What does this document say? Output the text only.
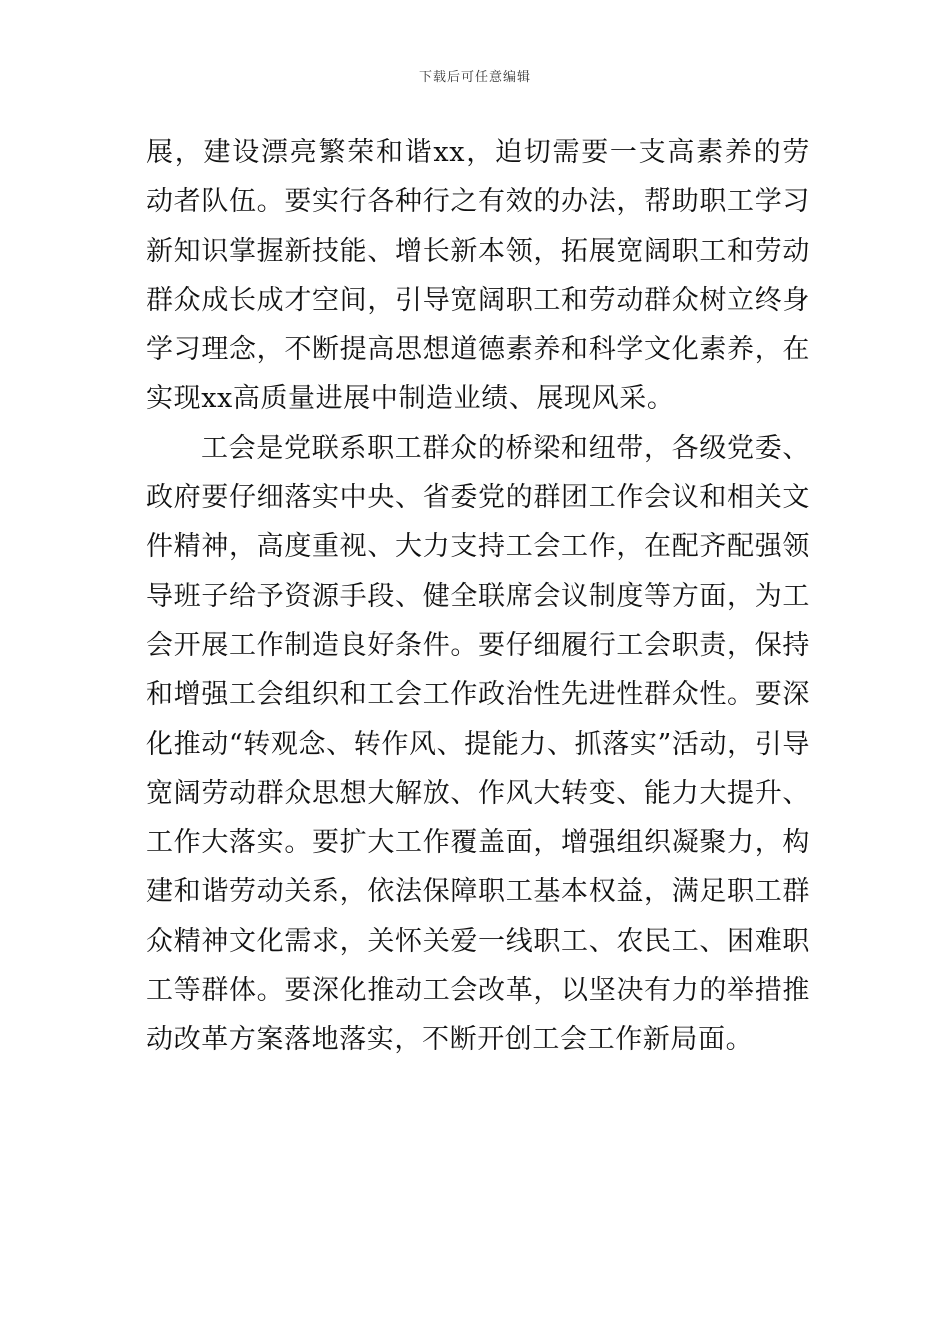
下载后可任意编辑

展，建设漂亮繁荣和谐xx，迫切需要一支高素养的劳动者队伍。要实行各种行之有效的办法，帮助职工学习新知识掌握新技能、增长新本领，拓展宽阔职工和劳动群众成长成才空间，引导宽阔职工和劳动群众树立终身学习理念，不断提高思想道德素养和科学文化素养，在实现xx高质量进展中制造业绩、展现风采。

工会是党联系职工群众的桥梁和纽带，各级党委、政府要仔细落实中央、省委党的群团工作会议和相关文件精神，高度重视、大力支持工会工作，在配齐配强领导班子给予资源手段、健全联席会议制度等方面，为工会开展工作制造良好条件。要仔细履行工会职责，保持和增强工会组织和工会工作政治性先进性群众性。要深化推动“转观念、转作风、提能力、抓落实”活动，引导宽阔劳动群众思想大解放、作风大转变、能力大提升、工作大落实。要扩大工作覆盖面，增强组织凝聚力，构建和谐劳动关系，依法保障职工基本权益，满足职工群众精神文化需求，关怀关爱一线职工、农民工、困难职工等群体。要深化推动工会改革，以坚决有力的举措推动改革方案落地落实，不断开创工会工作新局面。
